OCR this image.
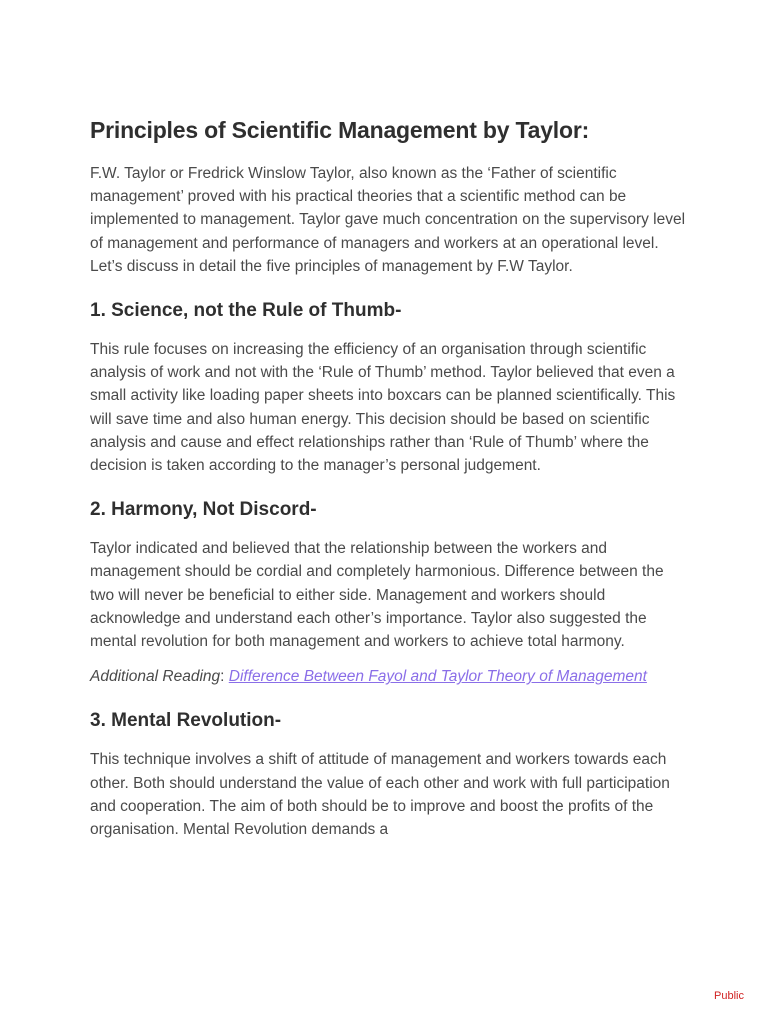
Principles of Scientific Management by Taylor:

F.W. Taylor or Fredrick Winslow Taylor, also known as the ‘Father of scientific management’ proved with his practical theories that a scientific method can be implemented to management. Taylor gave much concentration on the supervisory level of management and performance of managers and workers at an operational level. Let’s discuss in detail the five principles of management by F.W Taylor.

1. Science, not the Rule of Thumb-

This rule focuses on increasing the efficiency of an organisation through scientific analysis of work and not with the ‘Rule of Thumb’ method. Taylor believed that even a small activity like loading paper sheets into boxcars can be planned scientifically. This will save time and also human energy. This decision should be based on scientific analysis and cause and effect relationships rather than ‘Rule of Thumb’ where the decision is taken according to the manager’s personal judgement.

2. Harmony, Not Discord-

Taylor indicated and believed that the relationship between the workers and management should be cordial and completely harmonious. Difference between the two will never be beneficial to either side. Management and workers should acknowledge and understand each other’s importance. Taylor also suggested the mental revolution for both management and workers to achieve total harmony.

Additional Reading: Difference Between Fayol and Taylor Theory of Management

3. Mental Revolution-

This technique involves a shift of attitude of management and workers towards each other. Both should understand the value of each other and work with full participation and cooperation. The aim of both should be to improve and boost the profits of the organisation. Mental Revolution demands a

Public
